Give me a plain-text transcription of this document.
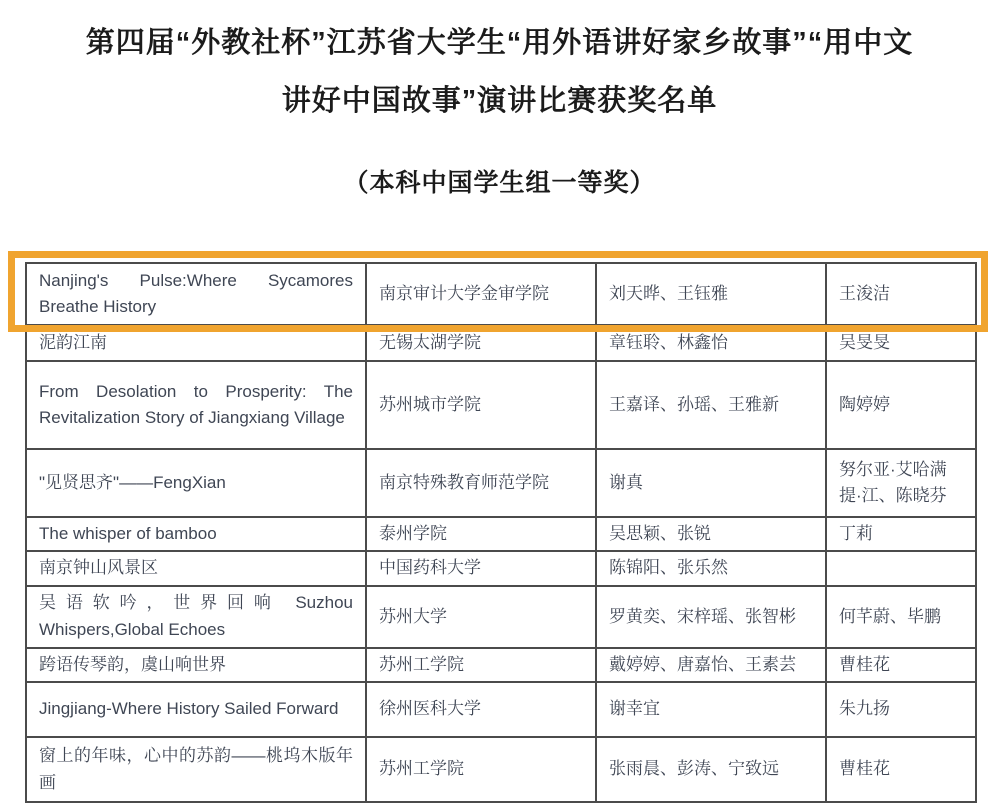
第四届“外教社杯”江苏省大学生“用外语讲好家乡故事”“用中文
讲好中国故事”演讲比赛获奖名单
（本科中国学生组一等奖）
Nanjing's Pulse:Where Sycamores Breathe History	南京审计大学金审学院	刘天晔、王钰雅	王浚洁
泥韵江南	无锡太湖学院	章钰聆、林鑫怡	吴旻旻
From Desolation to Prosperity: The Revitalization Story of Jiangxiang Village	苏州城市学院	王嘉译、孙瑶、王雅新	陶婷婷
"见贤思齐"——FengXian	南京特殊教育师范学院	谢真	努尔亚·艾哈满提·江、陈晓芬
The whisper of bamboo	泰州学院	吴思颖、张锐	丁莉
南京钟山风景区	中国药科大学	陈锦阳、张乐然	
吴语软吟，世界回响 Suzhou Whispers,Global Echoes	苏州大学	罗黄奕、宋梓瑶、张智彬	何芊蔚、毕鹏
跨语传琴韵，虞山响世界	苏州工学院	戴婷婷、唐嘉怡、王素芸	曹桂花
Jingjiang-Where History Sailed Forward	徐州医科大学	谢幸宜	朱九扬
窗上的年味，心中的苏韵——桃坞木版年画	苏州工学院	张雨晨、彭涛、宁致远	曹桂花
